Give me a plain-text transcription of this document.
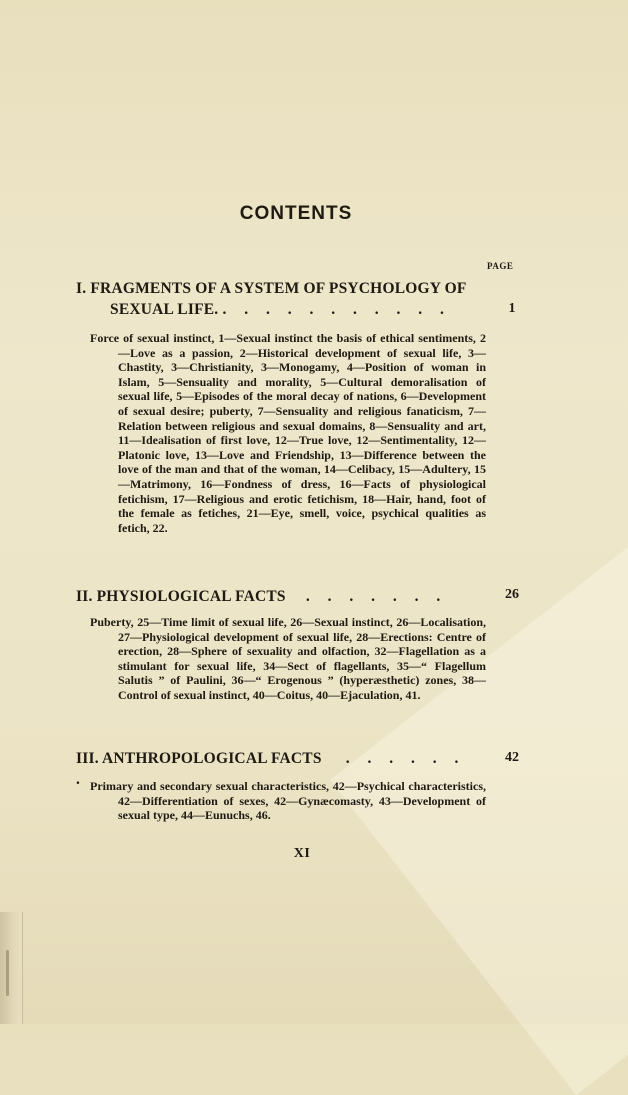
CONTENTS
PAGE
I. FRAGMENTS OF A SYSTEM OF PSYCHOLOGY OF
SEXUAL LIFE. . . . . . . . . . . .	1
Force of sexual instinct, 1—Sexual instinct the basis of ethical sentiments, 2—Love as a passion, 2—Historical development of sexual life, 3—Chastity, 3—Christianity, 3—Monogamy, 4—Position of woman in Islam, 5—Sensuality and morality, 5—Cultural demoralisation of sexual life, 5—Episodes of the moral decay of nations, 6—Development of sexual desire; puberty, 7—Sensuality and religious fanaticism, 7—Relation between religious and sexual domains, 8—Sensuality and art, 11—Idealisation of first love, 12—True love, 12—Sentimentality, 12—Platonic love, 13—Love and Friendship, 13—Difference between the love of the man and that of the woman, 14—Celibacy, 15—Adultery, 15—Matrimony, 16—Fondness of dress, 16—Facts of physiological fetichism, 17—Religious and erotic fetichism, 18—Hair, hand, foot of the female as fetiches, 21—Eye, smell, voice, psychical qualities as fetich, 22.
II. PHYSIOLOGICAL FACTS . . . . . . .	26
Puberty, 25—Time limit of sexual life, 26—Sexual instinct, 26—Localisation, 27—Physiological development of sexual life, 28—Erections: Centre of erection, 28—Sphere of sexuality and olfaction, 32—Flagellation as a stimulant for sexual life, 34—Sect of flagellants, 35—“ Flagellum Salutis ” of Paulini, 36—“ Erogenous ” (hyperæsthetic) zones, 38—Control of sexual instinct, 40—Coitus, 40—Ejaculation, 41.
III. ANTHROPOLOGICAL FACTS . . . . . . .
42
Primary and secondary sexual characteristics, 42—Psychical characteristics, 42—Differentiation of sexes, 42—Gynæcomasty, 43—Development of sexual type, 44—Eunuchs, 46.
XI
